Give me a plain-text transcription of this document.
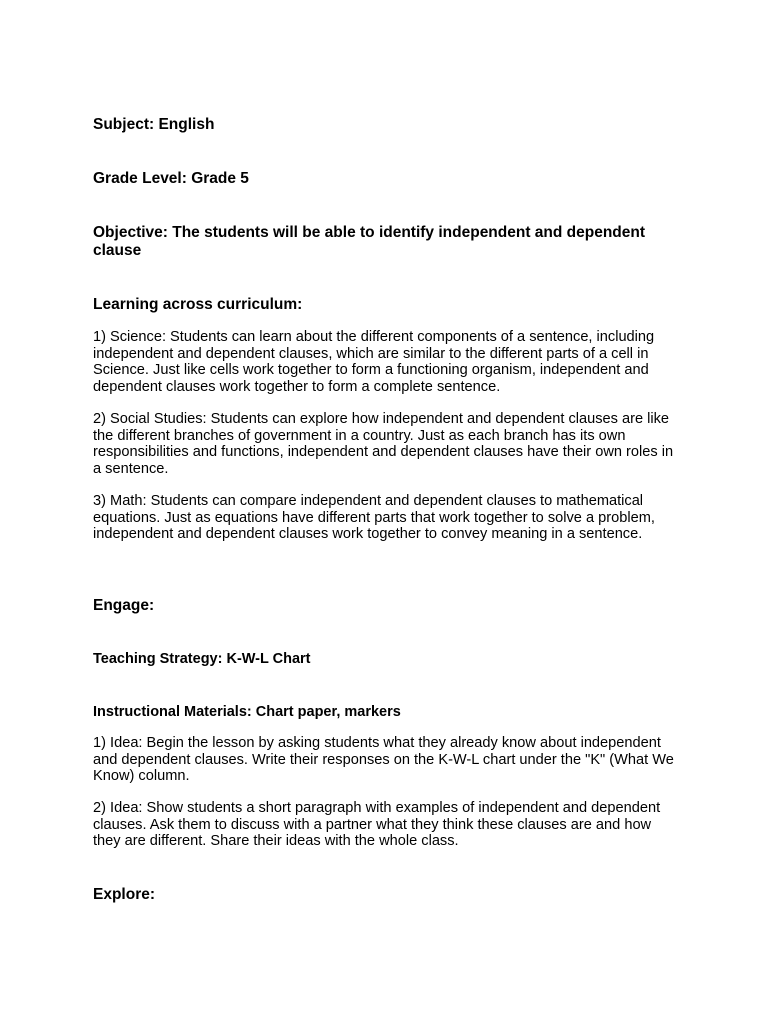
Subject: English
Grade Level: Grade 5
Objective: The students will be able to identify independent and dependent clause
Learning across curriculum:

1) Science: Students can learn about the different components of a sentence, including independent and dependent clauses, which are similar to the different parts of a cell in Science. Just like cells work together to form a functioning organism, independent and dependent clauses work together to form a complete sentence.

2) Social Studies: Students can explore how independent and dependent clauses are like the different branches of government in a country. Just as each branch has its own responsibilities and functions, independent and dependent clauses have their own roles in a sentence.

3) Math: Students can compare independent and dependent clauses to mathematical equations. Just as equations have different parts that work together to solve a problem, independent and dependent clauses work together to convey meaning in a sentence.

Engage:
Teaching Strategy: K-W-L Chart
Instructional Materials: Chart paper, markers

1) Idea: Begin the lesson by asking students what they already know about independent and dependent clauses. Write their responses on the K-W-L chart under the "K" (What We Know) column.

2) Idea: Show students a short paragraph with examples of independent and dependent clauses. Ask them to discuss with a partner what they think these clauses are and how they are different. Share their ideas with the whole class.

Explore:
